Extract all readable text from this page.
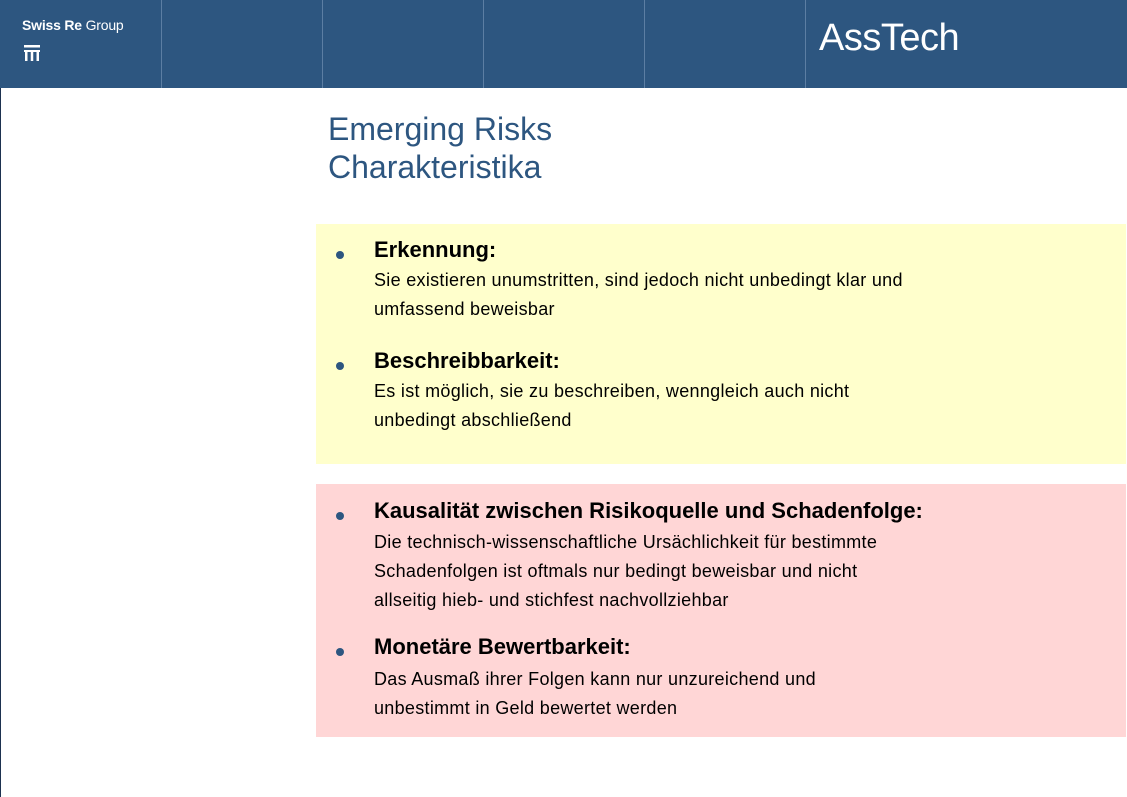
Swiss Re Group	AssTech
Emerging Risks
Charakteristika
Erkennung:
Sie existieren unumstritten, sind jedoch nicht unbedingt klar und
umfassend beweisbar
Beschreibbarkeit:
Es ist möglich, sie zu beschreiben, wenngleich auch nicht
unbedingt abschließend
Kausalität zwischen Risikoquelle und Schadenfolge:
Die technisch-wissenschaftliche Ursächlichkeit für bestimmte
Schadenfolgen ist oftmals nur bedingt beweisbar und nicht
allseitig hieb- und stichfest nachvollziehbar
Monetäre Bewertbarkeit:
Das Ausmaß ihrer Folgen kann nur unzureichend und
unbestimmt in Geld bewertet werden
